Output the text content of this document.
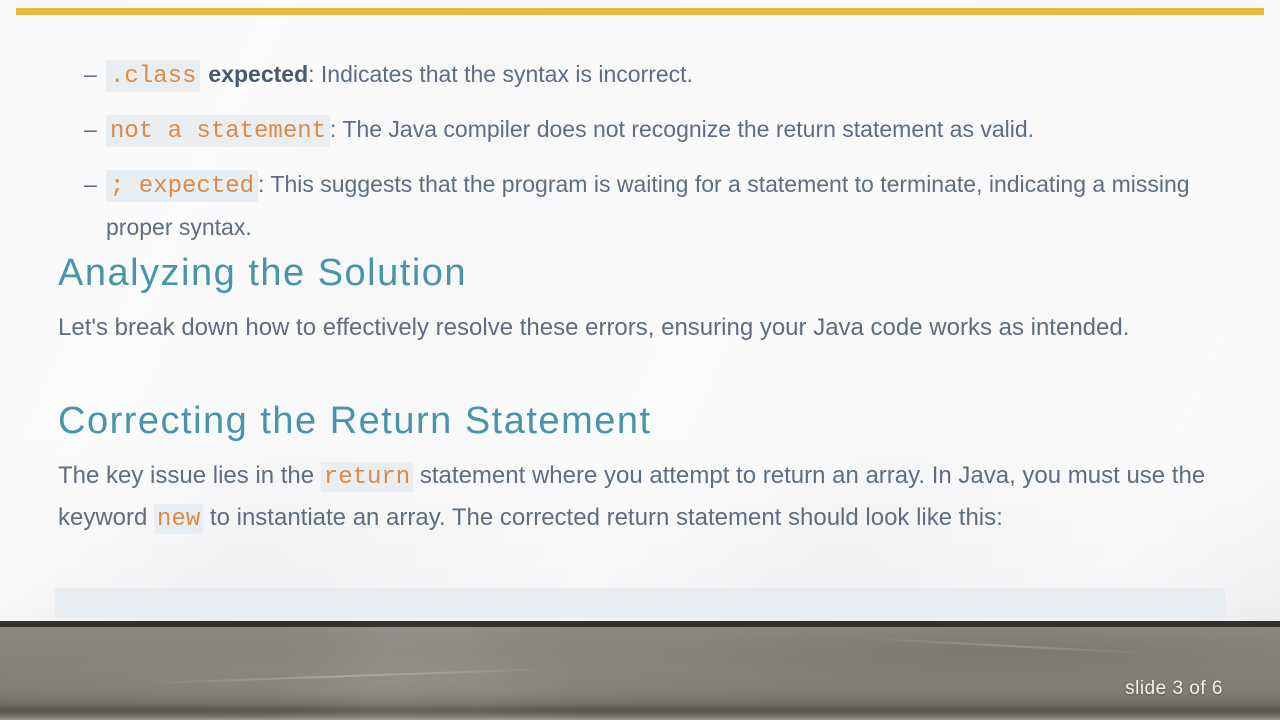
– .class expected: Indicates that the syntax is incorrect.
– not a statement : The Java compiler does not recognize the return statement as valid.
– ; expected : This suggests that the program is waiting for a statement to terminate, indicating a missing proper syntax.
Analyzing the Solution
Let's break down how to effectively resolve these errors, ensuring your Java code works as intended.
Correcting the Return Statement
The key issue lies in the return statement where you attempt to return an array. In Java, you must use the keyword new to instantiate an array. The corrected return statement should look like this:

slide 3 of 6
